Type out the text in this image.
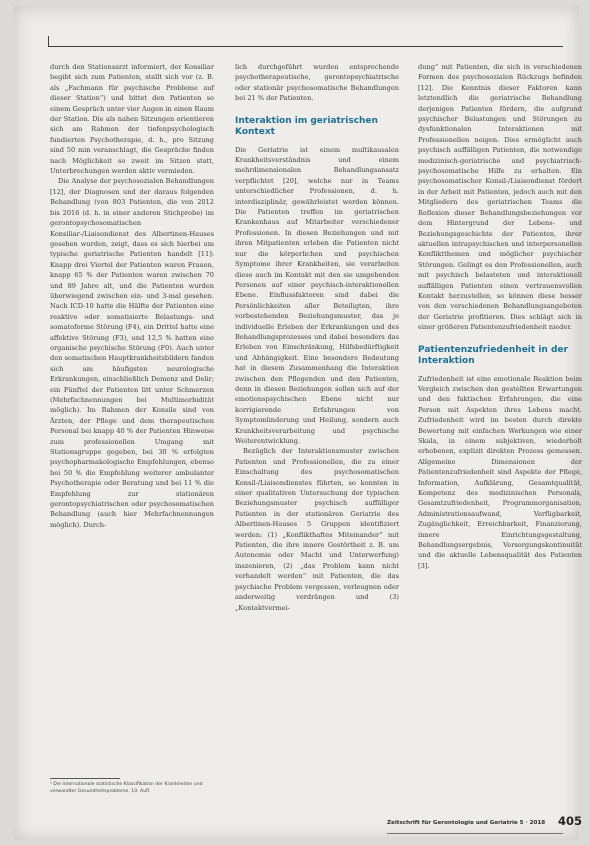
durch den Stationsarzt informiert, der Konsiliar begibt sich zum Patienten, stellt sich vor (z. B. als „Fachmann für psychische Probleme auf dieser Station“) und bittet den Patienten so einem Gespräch unter vier Augen in einen Raum der Station. Die als nahen Sitzungen orientieren sich am Rahmen der tiefenpsychologisch fundierten Psychotherapie, d. h., pro Sitzung sind 50 min veranschlagt, die Gespräche finden nach Möglichkeit so zweit im Sitzen statt, Unterbrechungen werden aktiv vermieden.

Die Analyse der psychosozialen Behandlungen [12], der Diagnosen und der daraus folgenden Behandlung (von 803 Patienten, die von 2012 bis 2016 (d. h. in einer anderen Stichprobe) im gerontopsychosomatischen Konsiliar-/Liaisondienst des Albertinen-Hauses gesehen wurden, zeigt, dass es sich hierbei um typische geriatrische Patienten handelt [11]: Knapp drei Viertel der Patienten waren Frauen, knapp 65 % der Patienten waren zwischen 70 und 89 Jahre alt, und die Patienten wurden überwiegend zwischen ein- und 3-mal gesehen. Nach ICD-10 hatte die Hälfte der Patienten eine reaktive oder somatisierte Belastungs- und somatoforme Störung (F4), ein Drittel hatte eine affektive Störung (F3), und 12,5 % hatten eine organische psychische Störung (F0). Auch unter den somatischen Hauptkrankheitsbildern fanden sich am häufigsten neurologische Erkrankungen, einschließlich Demenz und Delir; ein Fünftel der Patienten litt unter Schmerzen (Mehrfachnennungen bei Multimorbidität möglich). Im Rahmen der Konsile sind von Ärzten, der Pflege und dem therapeutischen Personal bei knapp 40 % der Patienten Hinweise zum professionellen Umgang mit Stationsgruppe gegeben, bei 30 % erfolgten psychopharmakologische Empfehlungen, ebenso bei 50 % die Empfehlung weiterer ambulanter Psychotherapie oder Beratung und bei 11 % die Empfehlung zur stationären gerontopsychiatrischen oder psychosomatischen Behandlung (auch hier Mehrfachnennungen möglich). Durch-

lich durchgeführt wurden entsprechende psychotherapeutische, gerontopsychiatrische oder stationär psychosomatische Behandlungen bei 21 % der Patienten.

Interaktion im geriatrischen
Kontext

Die Geriatrie ist einem multikausalen Krankheitsverständnis und einem mehrdimensionalen Behandlungsansatz verpflichtet [20], welche nur in Teams unterschiedlicher Professionen, d. h. interdisziplinär, gewährleistet werden können. Die Patienten treffen im geriatrischen Krankenhaus auf Mitarbeiter verschiedener Professionen. In diesen Beziehungen und mit ihren Mitpatienten erleben die Patienten nicht nur die körperlichen und psychischen Symptome ihrer Krankheiten, sie verarbeiten diese auch im Kontakt mit den sie umgebenden Personen auf einer psychisch-interaktionellen Ebene. Einflussfaktoren sind dabei die Persönlichkeiten aller Beteiligten, ihre vorbestehenden Beziehungsmuster, das je individuelle Erleben der Erkrankungen und des Behandlungsprozesses und dabei besonders das Erleben von Einschränkung, Hilfsbedürftigkeit und Abhängigkeit. Eine besondere Bedeutung hat in diesem Zusammenhang die Interaktion zwischen den Pflegenden und den Patienten, denn in diesen Beziehungen sollen sich auf der emotionspsychischen Ebene nicht nur korrigierende Erfahrungen von Symptomlinderung und Heilung, sondern auch Krankheitsverarbeitung und psychische Weiterentwicklung.

Bezüglich der Interaktionsmuster zwischen Patienten und Professionellen, die zu einer Einschaltung des psychosomatischen Konsil-/Liaisondienstes führten, so konnten in einer qualitativen Untersuchung der typischen Beziehungsmuster psychisch auffälliger Patienten in der stationären Geriatrie des Albertinen-Hauses 5 Gruppen identifiziert werden: (1) „Konflikthaftes Miteinander“ mit Patienten, die ihre innere Gestörtheit z. B. um Autonomie oder Macht und Unterwerfung) inszenieren, (2) „das Problem kann nicht verhandelt werden“ mit Patienten, die das psychische Problem vergessen, verleugnen oder anderweitig verdrängen und (3) „Kontaktvermei-

dung“ mit Patienten, die sich in verschiedenen Formen des psychosozialen Rückzugs befinden [12]. Die Kenntnis dieser Faktoren kann letztendlich die geriatrische Behandlung derjenigen Patienten fördern, die aufgrund psychischer Belastungen und Störungen zu dysfunktionalen Interaktionen mit Professionellen neigen. Dies ermöglicht auch psychisch auffälligen Patienten, die notwendige medizinisch-geriatrische und psychiatrisch-psychosomatische Hilfe zu erhalten. Ein psychosomatischer Konsil-/Liaisondienst fördert in der Arbeit mit Patienten, jedoch auch mit den Mitgliedern des geriatrischen Teams die Reflexion dieser Behandlungsbeziehungen vor dem Hintergrund der Lebens- und Beziehungsgeschichte der Patienten, ihrer aktuellen intrapsychischen und interpersonellen Konfliktthemen und möglicher psychischer Störungen. Gelingt es den Professionellen, auch mit psychisch belasteten und interaktionell auffälligen Patienten einen vertrauensvollen Kontakt herzustellen, so können diese besser von den verschiedenen Behandlungsangeboten der Geriatrie profitieren. Dies schlägt sich in einer größeren Patientenzufriedenheit nieder.

Patientenzufriedenheit in der
Interaktion

Zufriedenheit ist eine emotionale Reaktion beim Vergleich zwischen den gestellten Erwartungen und den faktischen Erfahrungen, die eine Person mit Aspekten ihres Lebens macht. Zufriedenheit wird im besten durch direkte Bewertung mit einfachen Werkungen wie einer Skala, in einem subjektiven, wiederholt erhobenen, explizit direkten Prozess gemessen. Allgemeine Dimensionen der Patientenzufriedenheit sind Aspekte der Pflege, Information, Aufklärung, Gesamtqualität, Kompetenz des medizinischen Personals, Gesamtzufriedenheit, Programmorganisation, Administrationsaufwand, Verfügbarkeit, Zugänglichkeit, Erreichbarkeit, Finanzierung, innere Einrichtungsgestaltung, Behandlungsergebnis, Versorgungskontinuität und die aktuelle Lebensqualität des Patienten [3].

¹ Die Internationale statistische Klassifikation der Krankheiten und verwandter Gesundheitsprobleme, 10. Aufl.

Zeitschrift für Gerontologie und Geriatrie 5 · 2018 405
